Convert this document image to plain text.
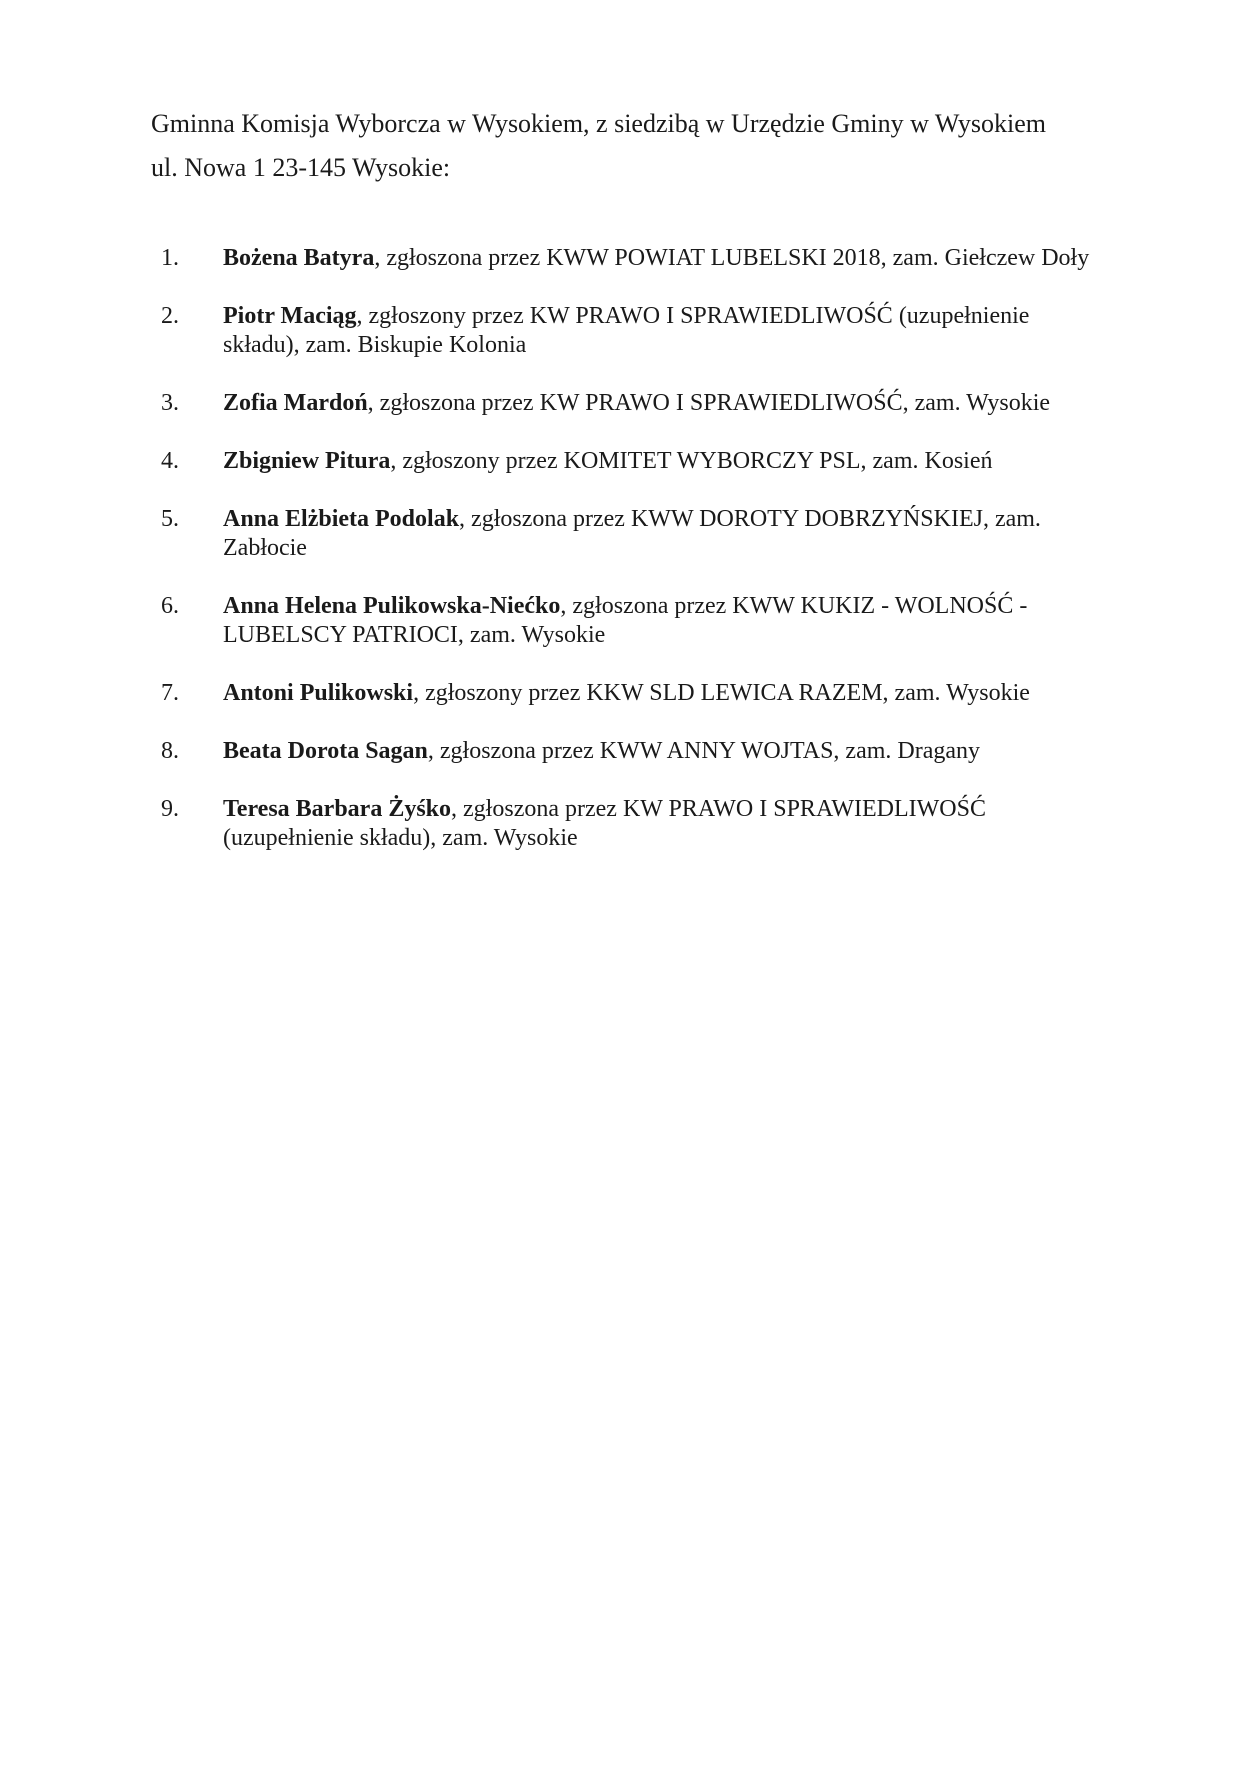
Gminna Komisja Wyborcza w Wysokiem, z siedzibą w Urzędzie Gminy w Wysokiem

ul. Nowa 1 23-145 Wysokie:

1. Bożena Batyra, zgłoszona przez KWW POWIAT LUBELSKI 2018, zam. Giełczew Doły
2. Piotr Maciąg, zgłoszony przez KW PRAWO I SPRAWIEDLIWOŚĆ (uzupełnienie składu), zam. Biskupie Kolonia
3. Zofia Mardoń, zgłoszona przez KW PRAWO I SPRAWIEDLIWOŚĆ, zam. Wysokie
4. Zbigniew Pitura, zgłoszony przez KOMITET WYBORCZY PSL, zam. Kosień
5. Anna Elżbieta Podolak, zgłoszona przez KWW DOROTY DOBRZYŃSKIEJ, zam. Zabłocie
6. Anna Helena Pulikowska-Niećko, zgłoszona przez KWW KUKIZ - WOLNOŚĆ - LUBELSCY PATRIOCI, zam. Wysokie
7. Antoni Pulikowski, zgłoszony przez KKW SLD LEWICA RAZEM, zam. Wysokie
8. Beata Dorota Sagan, zgłoszona przez KWW ANNY WOJTAS, zam. Dragany
9. Teresa Barbara Żyśko, zgłoszona przez KW PRAWO I SPRAWIEDLIWOŚĆ (uzupełnienie składu), zam. Wysokie
